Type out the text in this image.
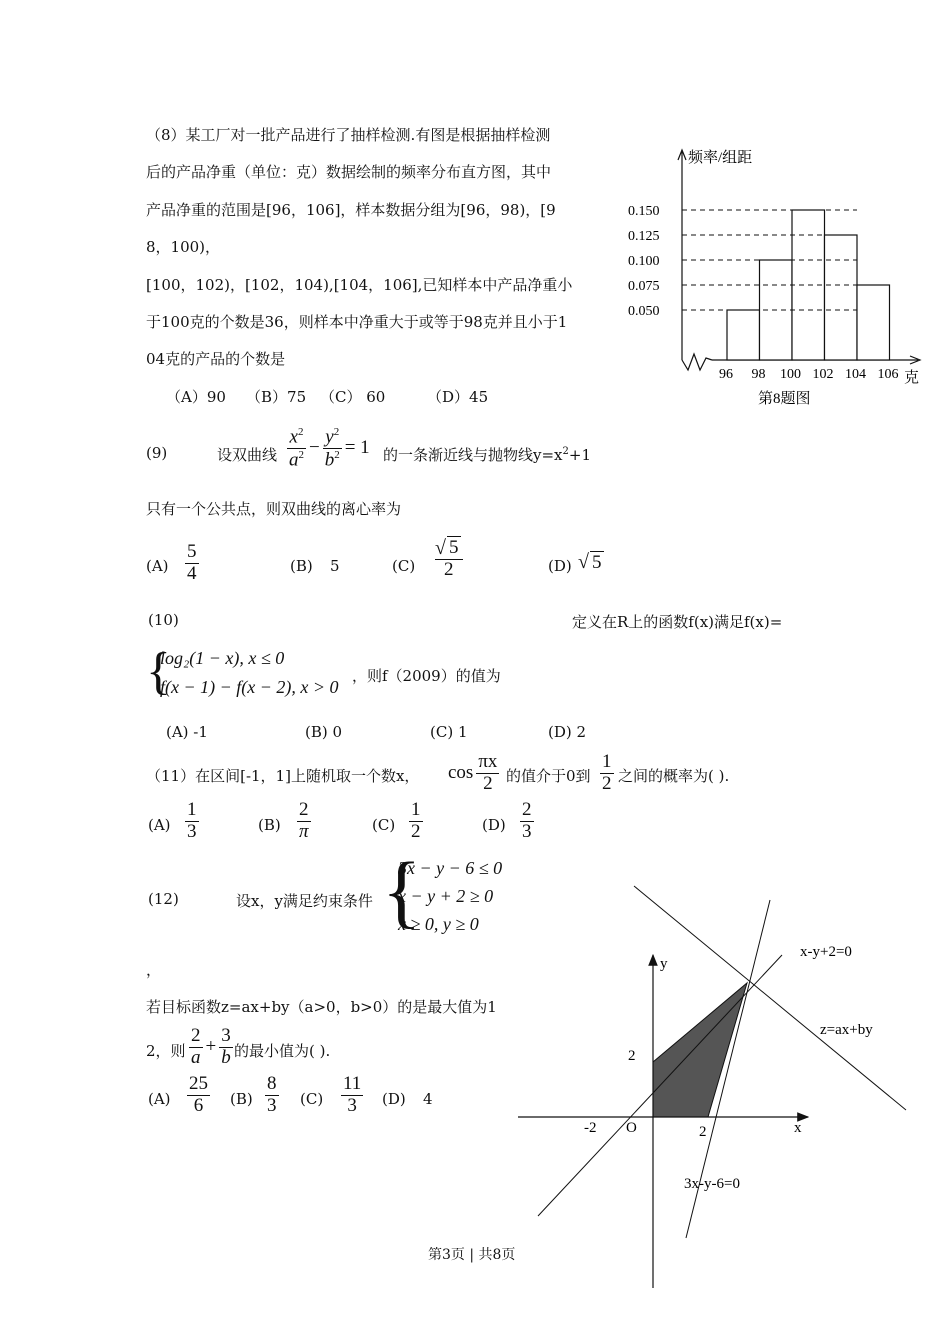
（8）某工厂对一批产品进行了抽样检测.有图是根据抽样检测
后的产品净重（单位：克）数据绘制的频率分布直方图，其中
产品净重的范围是[96，106]，样本数据分组为[96，98)，[9
8，100)，
[100，102)，[102，104),[104，106],已知样本中产品净重小
于100克的个数是36，则样本中净重大于或等于98克并且小于1
04克的产品的个数是
（A）90 （B）75 （C） 60	（D）45
频率/组距
克
第8题图
0.150
0.125
0.100
0.075
0.050
96 98 100 102 104 106
(9)	设双曲线 $\frac{x^2}{a^2} - \frac{y^2}{b^2} = 1$ 的一条渐近线与抛物线$y=x^2+1$
只有一个公共点，则双曲线的离心率为
$(A) \frac{5}{4}$	(B) 5	(C) √ $\frac{5}{2}$	(D)	√ 5
(10)	定义在R上的函数f(x)满足f(x)=
{
log₂(1 − x), x ≤ 0
f(x − 1) − f(x − 2), x > 0
，则f（2009）的值为
(A) -1	(B) 0	(C) 1	(D) 2
（11）在区间[-1，1]上随机取一个数x， $\cos \frac{\pi x}{2}$ 的值介于0到 $\frac{1}{2}$ 之间的概率为( ).
$(A) \frac{1}{3}$	$(B) \frac{2}{\pi}$	$(C) \frac{1}{2}$	$(D) \frac{2}{3}$
(12)	设x，y满足约束条件 {
3x − y − 6 ≤ 0
x − y + 2 ≥ 0
x ≥ 0, y ≥ 0
，
若目标函数z=ax+by（a>0，b>0）的是最大值为1
2，则 $\frac{2}{a} + \frac{3}{b}$ 的最小值为( ).
$(A) \frac{25}{6} (B) \frac{8}{3} (C) \frac{11}{3} (D)$ 4
x-y+2=0
z=ax+by
3x-y-6=0
x
y
O
-2	2
2
第3页 | 共8页
